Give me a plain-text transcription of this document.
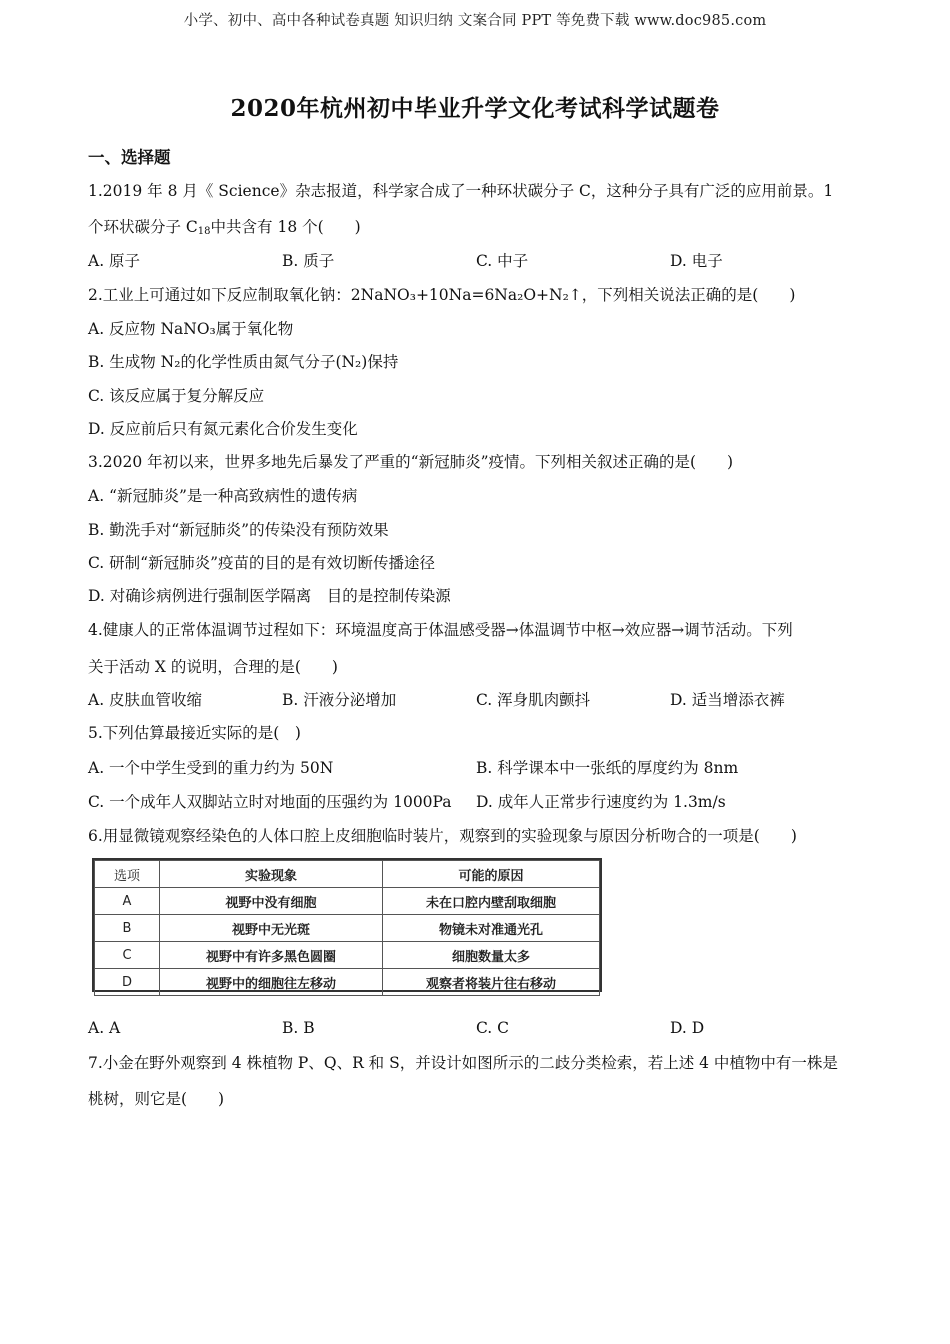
小学、初中、高中各种试卷真题 知识归纳 文案合同 PPT 等免费下载 www.doc985.com
2020年杭州初中毕业升学文化考试科学试题卷
一、选择题
1.2019 年 8 月《 Science》杂志报道，科学家合成了一种环状碳分子 C，这种分子具有广泛的应用前景。1
个环状碳分子 $C_{18}$中共含有 18 个(　　)
A. 原子	B. 质子	C. 中子	D. 电子
2.工业上可通过如下反应制取氧化钠：2NaNO₃+10Na=6Na₂O+N₂↑，下列相关说法正确的是(　　)
A. 反应物 NaNO₃属于氧化物
B. 生成物 N₂的化学性质由氮气分子(N₂)保持
C. 该反应属于复分解反应
D. 反应前后只有氮元素化合价发生变化
3.2020 年初以来，世界多地先后暴发了严重的“新冠肺炎”疫情。下列相关叙述正确的是(　　)
A. “新冠肺炎”是一种高致病性的遗传病
B. 勤洗手对“新冠肺炎”的传染没有预防效果
C. 研制“新冠肺炎”疫苗的目的是有效切断传播途径
D. 对确诊病例进行强制医学隔离　目的是控制传染源
4.健康人的正常体温调节过程如下：环境温度高于体温感受器→体温调节中枢→效应器→调节活动。下列
关于活动 X 的说明，合理的是(　　)
A. 皮肤血管收缩	B. 汗液分泌增加	C. 浑身肌肉颤抖	D. 适当增添衣裤
5.下列估算最接近实际的是(　)
A. 一个中学生受到的重力约为 50N	B. 科学课本中一张纸的厚度约为 8nm
C. 一个成年人双脚站立时对地面的压强约为 1000Pa D. 成年人正常步行速度约为 1.3m/s
6.用显微镜观察经染色的人体口腔上皮细胞临时装片，观察到的实验现象与原因分析吻合的一项是(　　)
选项	实验现象	可能的原因
A	视野中没有细胞	未在口腔内壁刮取细胞
B	视野中无光斑	物镜未对准通光孔
C	视野中有许多黑色圆圈	细胞数量太多
D	视野中的细胞往左移动	观察者将装片往右移动
A. A	B. B	C. C	D. D
7.小金在野外观察到 4 株植物 P、Q、R 和 S，并设计如图所示的二歧分类检索，若上述 4 中植物中有一株是
桃树，则它是(　　)
